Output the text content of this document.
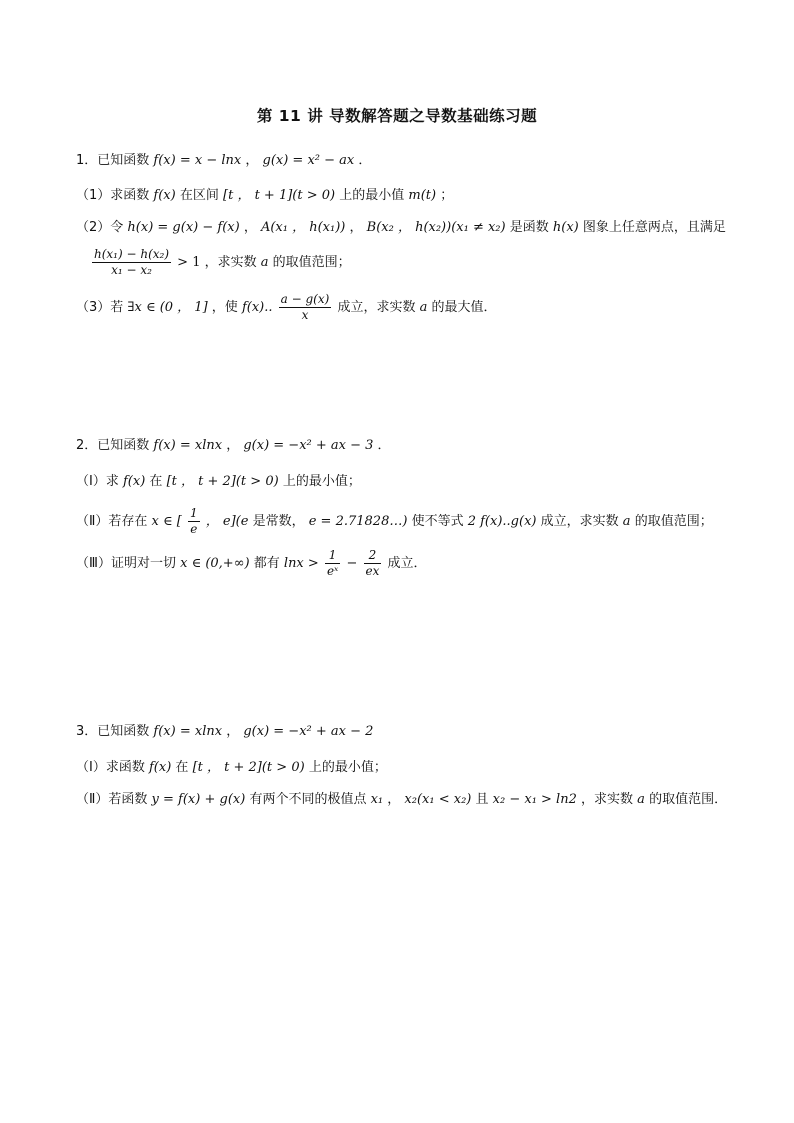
第 11 讲 导数解答题之导数基础练习题
1．已知函数 f(x) = x − lnx ， g(x) = x² − ax ．
（1）求函数 f(x) 在区间 [t ， t + 1](t > 0) 上的最小值 m(t) ；
（2）令 h(x) = g(x) − f(x) ， A(x₁ ， h(x₁)) ， B(x₂ ， h(x₂))(x₁ ≠ x₂) 是函数 h(x) 图象上任意两点，且满足
$\frac{\text{h(x₁) − h(x₂)}}{\text{x₁ − x₂}} > 1$ ，求实数 a 的取值范围；
（3）若 ∃x ∈ (0 ， 1] ，使 f(x).. $\frac{a - g(x)}{x}$ 成立，求实数 a 的最大值．
2．已知函数 f(x) = xlnx ， g(x) = −x² + ax − 3 ．
（Ⅰ）求 f(x) 在 [t ， t + 2](t > 0) 上的最小值；
（Ⅱ）若存在 x ∈ [ $\frac{1}{e}$ ， e](e 是常数， e = 2.71828…) 使不等式 2 f(x)..g(x) 成立，求实数 a 的取值范围；
（Ⅲ）证明对一切 x ∈ (0,+∞) 都有 $\ln x > \frac{1}{\text{eˣ}} - \frac{2}{ex}$ 成立．
3．已知函数 f(x) = xlnx ， g(x) = −x² + ax − 2
（Ⅰ）求函数 f(x) 在 [t ， t + 2](t > 0) 上的最小值；
（Ⅱ）若函数 y = f(x) + g(x) 有两个不同的极值点 x₁ ， x₂(x₁ < x₂) 且 x₂ − x₁ > ln2 ，求实数 a 的取值范围．
